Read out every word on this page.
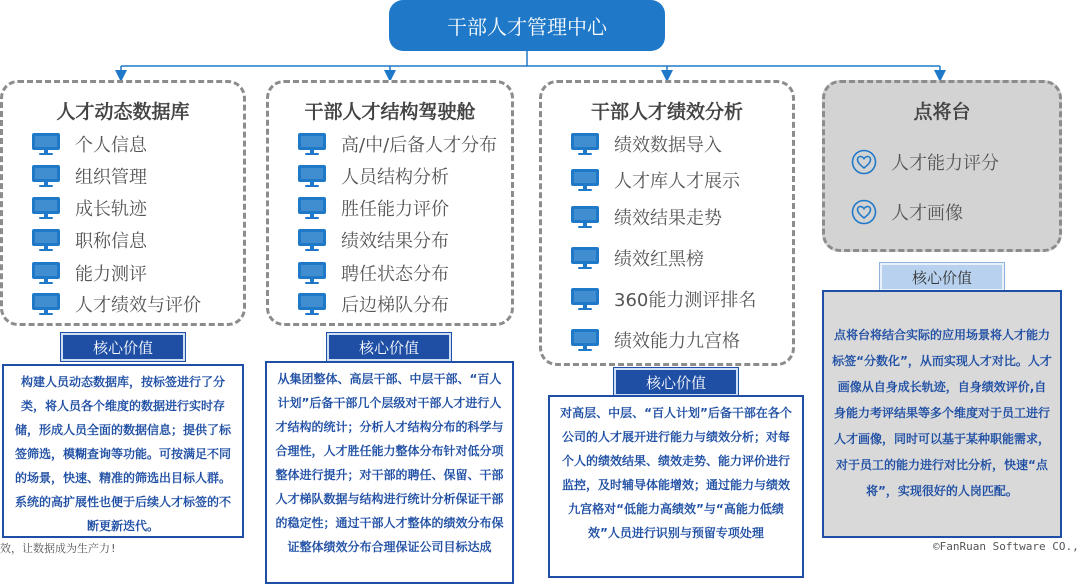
干部人才管理中心
人才动态数据库
个人信息
组织管理
成长轨迹
职称信息
能力测评
人才绩效与评价
干部人才结构驾驶舱
高/中/后备人才分布
人员结构分析
胜任能力评价
绩效结果分布
聘任状态分布
后边梯队分布
干部人才绩效分析
绩效数据导入
人才库人才展示
绩效结果走势
绩效红黑榜
360能力测评排名
绩效能力九宫格
点将台
人才能力评分
人才画像
核心价值	核心价值
核心价值
核心价值
构建人员动态数据库，按标签进行了分类，将人员各个维度的数据进行实时存储，形成人员全面的数据信息；提供了标签筛选，模糊查询等功能。可按满足不同的场景，快速、精准的筛选出目标人群。系统的高扩展性也便于后续人才标签的不断更新迭代。
从集团整体、高层干部、中层干部、“百人计划”后备干部几个层级对干部人才进行人才结构的统计；分析人才结构分布的科学与合理性，人才胜任能力整体分布针对低分项整体进行提升；对干部的聘任、保留、干部人才梯队数据与结构进行统计分析保证干部的稳定性；通过干部人才整体的绩效分布保证整体绩效分布合理保证公司目标达成
对高层、中层、“百人计划”后备干部在各个公司的人才展开进行能力与绩效分析；对每个人的绩效结果、绩效走势、能力评价进行监控，及时辅导体能增效；通过能力与绩效九宫格对“低能力高绩效”与“高能力低绩效”人员进行识别与预留专项处理
点将台将结合实际的应用场景将人才能力标签“分数化”，从而实现人才对比。人才画像从自身成长轨迹，自身绩效评价,自身能力考评结果等多个维度对于员工进行人才画像，同时可以基于某种职能需求，对于员工的能力进行对比分析，快速“点将”，实现很好的人岗匹配。
效，让数据成为生产力!	©FanRuan Software CO.,
